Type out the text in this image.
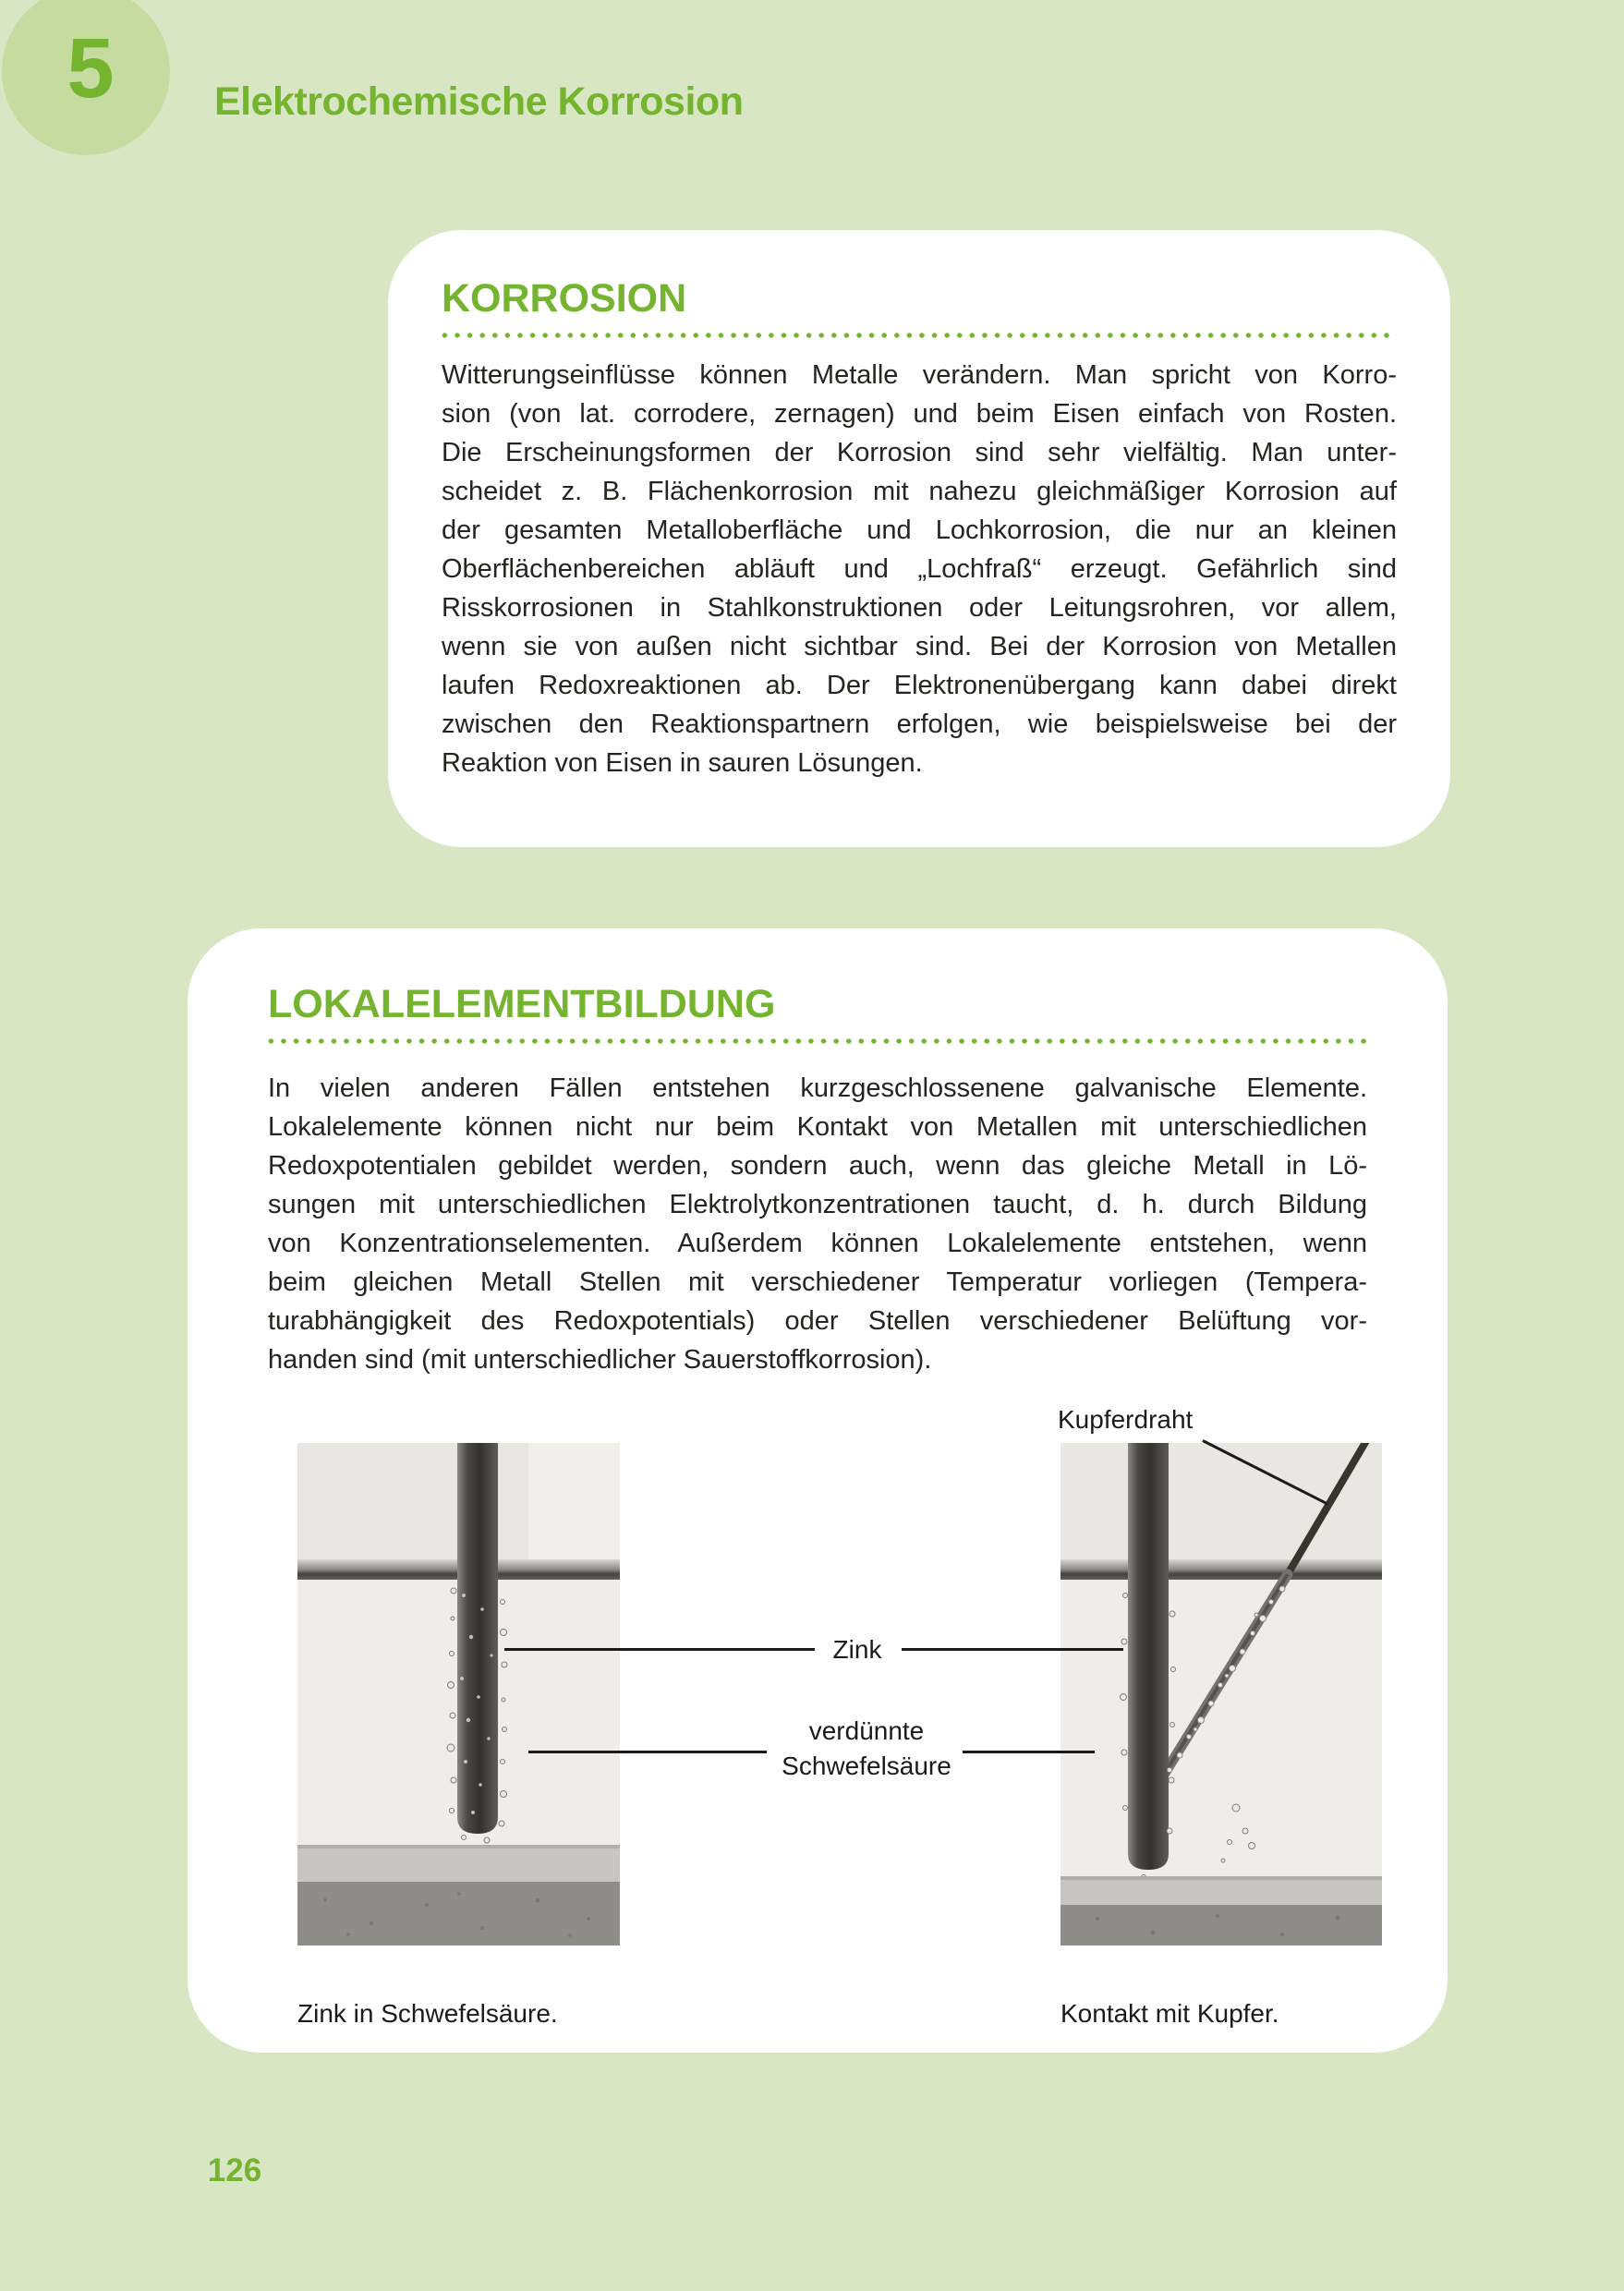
5	Elektrochemische Korrosion
KORROSION
Witterungseinflüsse können Metalle verändern. Man spricht von Korro-
sion (von lat. corrodere, zernagen) und beim Eisen einfach von Rosten.
Die Erscheinungsformen der Korrosion sind sehr vielfältig. Man unter-
scheidet z. B. Flächenkorrosion mit nahezu gleichmäßiger Korrosion auf
der gesamten Metalloberfläche und Lochkorrosion, die nur an kleinen
Oberflächenbereichen abläuft und „Lochfraß“ erzeugt. Gefährlich sind
Risskorrosionen in Stahlkonstruktionen oder Leitungsrohren, vor allem,
wenn sie von außen nicht sichtbar sind. Bei der Korrosion von Metallen
laufen Redoxreaktionen ab. Der Elektronenübergang kann dabei direkt
zwischen den Reaktionspartnern erfolgen, wie beispielsweise bei der
Reaktion von Eisen in sauren Lösungen.
LOKALELEMENTBILDUNG
In vielen anderen Fällen entstehen kurzgeschlossenene galvanische Elemente.
Lokalelemente können nicht nur beim Kontakt von Metallen mit unterschiedlichen
Redoxpotentialen gebildet werden, sondern auch, wenn das gleiche Metall in Lö-
sungen mit unterschiedlichen Elektrolytkonzentrationen taucht, d. h. durch Bildung
von Konzentrationselementen. Außerdem können Lokalelemente entstehen, wenn
beim gleichen Metall Stellen mit verschiedener Temperatur vorliegen (Tempera-
turabhängigkeit des Redoxpotentials) oder Stellen verschiedener Belüftung vor-
handen sind (mit unterschiedlicher Sauerstoffkorrosion).
Kupferdraht
Zink
verdünnte
Schwefelsäure
Zink in Schwefelsäure.	Kontakt mit Kupfer.
126
